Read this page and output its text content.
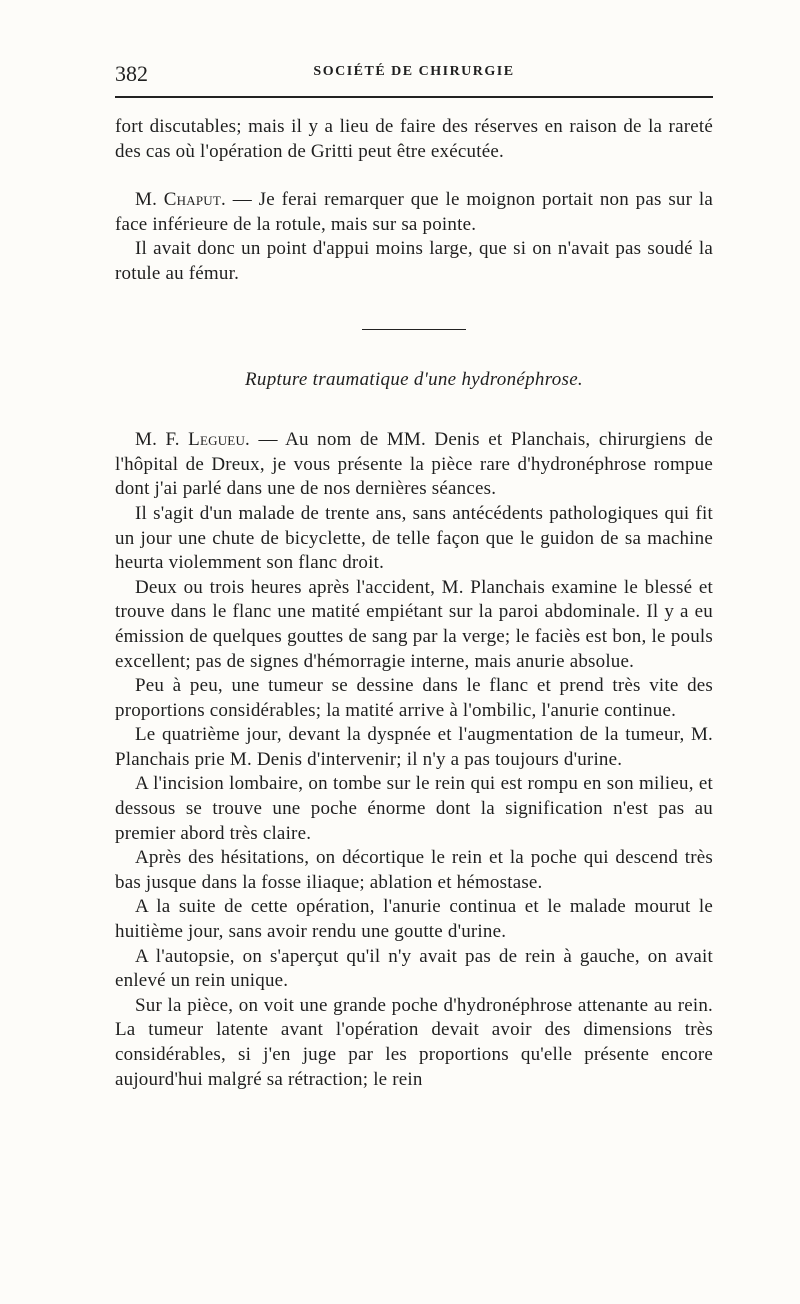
382	SOCIÉTÉ DE CHIRURGIE

fort discutables; mais il y a lieu de faire des réserves en raison de la rareté des cas où l'opération de Gritti peut être exécutée.

M. Chaput. — Je ferai remarquer que le moignon portait non pas sur la face inférieure de la rotule, mais sur sa pointe.

Il avait donc un point d'appui moins large, que si on n'avait pas soudé la rotule au fémur.

Rupture traumatique d'une hydronéphrose.

M. F. Legueu. — Au nom de MM. Denis et Planchais, chirurgiens de l'hôpital de Dreux, je vous présente la pièce rare d'hydronéphrose rompue dont j'ai parlé dans une de nos dernières séances.

Il s'agit d'un malade de trente ans, sans antécédents pathologiques qui fit un jour une chute de bicyclette, de telle façon que le guidon de sa machine heurta violemment son flanc droit.

Deux ou trois heures après l'accident, M. Planchais examine le blessé et trouve dans le flanc une matité empiétant sur la paroi abdominale. Il y a eu émission de quelques gouttes de sang par la verge; le faciès est bon, le pouls excellent; pas de signes d'hémorragie interne, mais anurie absolue.

Peu à peu, une tumeur se dessine dans le flanc et prend très vite des proportions considérables; la matité arrive à l'ombilic, l'anurie continue.

Le quatrième jour, devant la dyspnée et l'augmentation de la tumeur, M. Planchais prie M. Denis d'intervenir; il n'y a pas toujours d'urine.

A l'incision lombaire, on tombe sur le rein qui est rompu en son milieu, et dessous se trouve une poche énorme dont la signification n'est pas au premier abord très claire.

Après des hésitations, on décortique le rein et la poche qui descend très bas jusque dans la fosse iliaque; ablation et hémostase.

A la suite de cette opération, l'anurie continua et le malade mourut le huitième jour, sans avoir rendu une goutte d'urine.

A l'autopsie, on s'aperçut qu'il n'y avait pas de rein à gauche, on avait enlevé un rein unique.

Sur la pièce, on voit une grande poche d'hydronéphrose attenante au rein. La tumeur latente avant l'opération devait avoir des dimensions très considérables, si j'en juge par les proportions qu'elle présente encore aujourd'hui malgré sa rétraction; le rein
